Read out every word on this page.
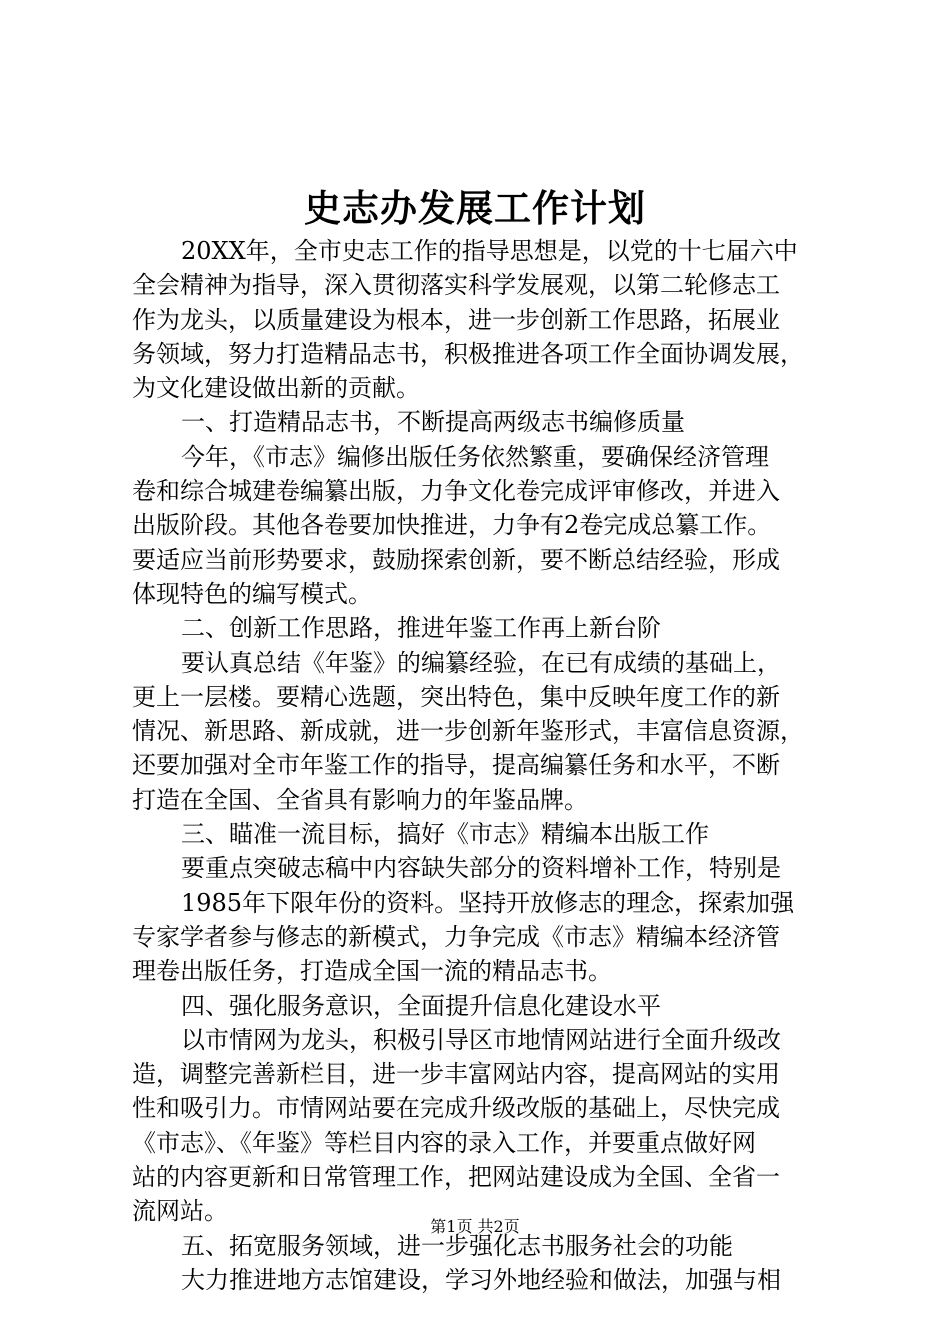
史志办发展工作计划
20XX年，全市史志工作的指导思想是，以党的十七届六中
全会精神为指导，深入贯彻落实科学发展观，以第二轮修志工
作为龙头，以质量建设为根本，进一步创新工作思路，拓展业
务领域，努力打造精品志书，积极推进各项工作全面协调发展，
为文化建设做出新的贡献。
一、打造精品志书，不断提高两级志书编修质量
今年，《市志》编修出版任务依然繁重，要确保经济管理
卷和综合城建卷编纂出版，力争文化卷完成评审修改，并进入
出版阶段。其他各卷要加快推进，力争有2卷完成总纂工作。
要适应当前形势要求，鼓励探索创新，要不断总结经验，形成
体现特色的编写模式。
二、创新工作思路，推进年鉴工作再上新台阶
要认真总结《年鉴》的编纂经验，在已有成绩的基础上，
更上一层楼。要精心选题，突出特色，集中反映年度工作的新
情况、新思路、新成就，进一步创新年鉴形式，丰富信息资源，
还要加强对全市年鉴工作的指导，提高编纂任务和水平，不断
打造在全国、全省具有影响力的年鉴品牌。
三、瞄准一流目标，搞好《市志》精编本出版工作
要重点突破志稿中内容缺失部分的资料增补工作，特别是
1985年下限年份的资料。坚持开放修志的理念，探索加强
专家学者参与修志的新模式，力争完成《市志》精编本经济管
理卷出版任务，打造成全国一流的精品志书。
四、强化服务意识，全面提升信息化建设水平
以市情网为龙头，积极引导区市地情网站进行全面升级改
造，调整完善新栏目，进一步丰富网站内容，提高网站的实用
性和吸引力。市情网站要在完成升级改版的基础上，尽快完成
《市志》、《年鉴》等栏目内容的录入工作，并要重点做好网
站的内容更新和日常管理工作，把网站建设成为全国、全省一
流网站。
五、拓宽服务领域，进一步强化志书服务社会的功能
大力推进地方志馆建设，学习外地经验和做法，加强与相
第1页 共2页
